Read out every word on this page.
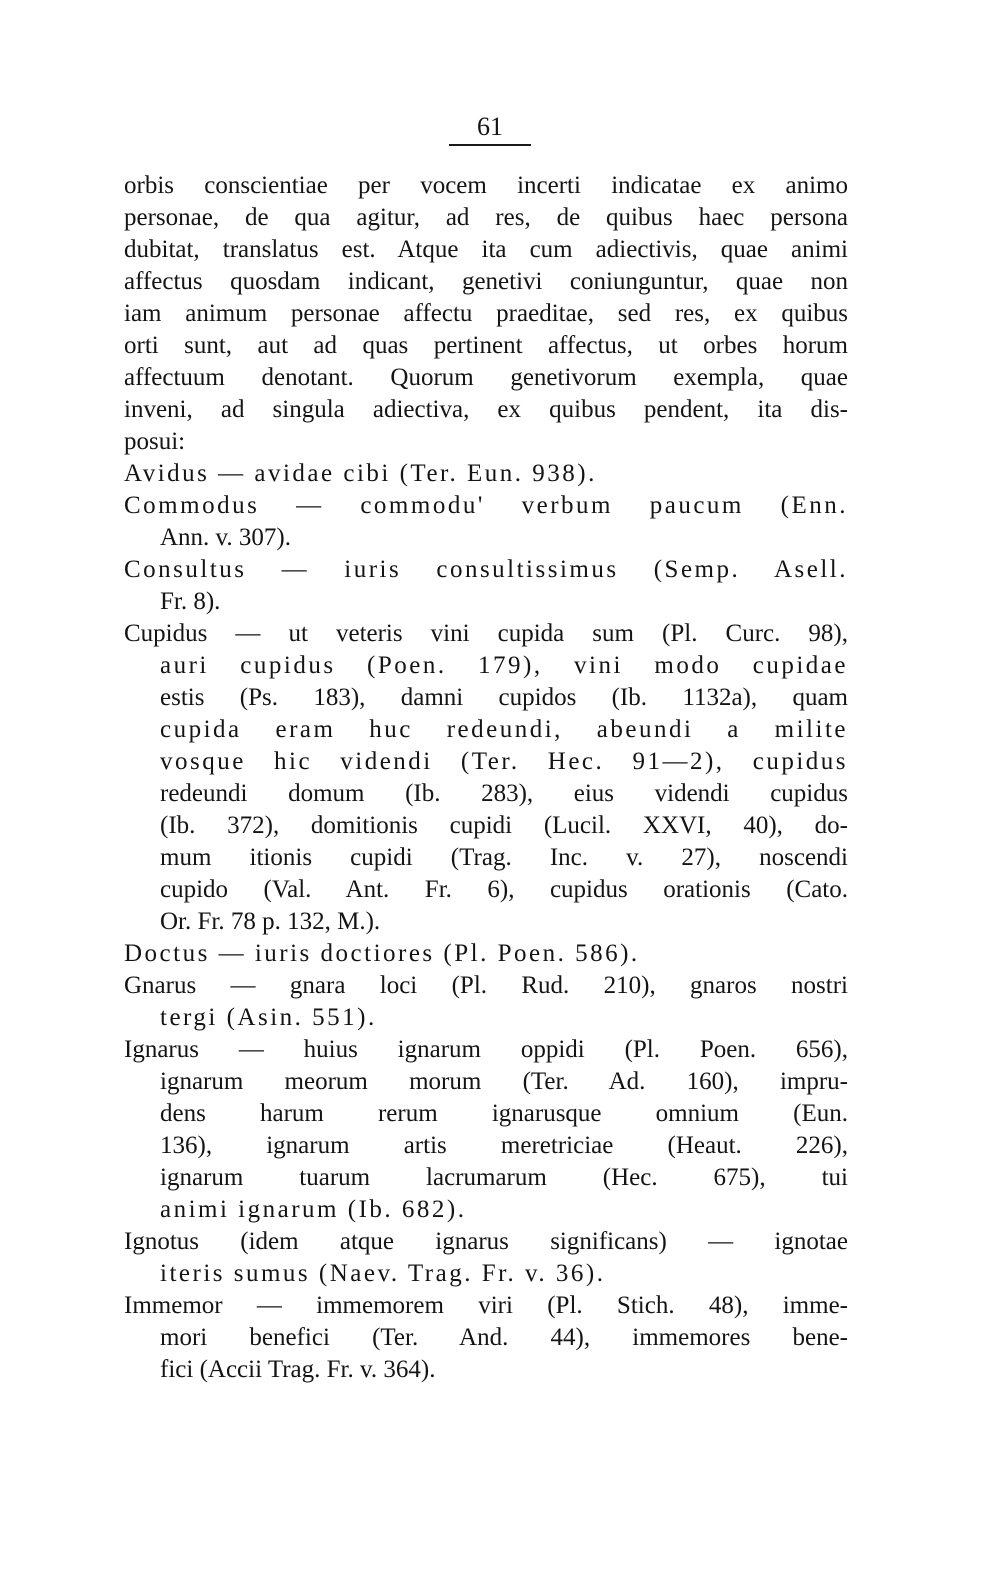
61
orbis conscientiae per vocem incerti indicatae ex animo
personae, de qua agitur, ad res, de quibus haec persona
dubitat, translatus est. Atque ita cum adiectivis, quae animi
affectus quosdam indicant, genetivi coniunguntur, quae non
iam animum personae affectu praeditae, sed res, ex quibus
orti sunt, aut ad quas pertinent affectus, ut orbes horum
affectuum denotant. Quorum genetivorum exempla, quae
inveni, ad singula adiectiva, ex quibus pendent, ita dis-
posui:
Avidus — avidae cibi (Ter. Eun. 938).
Commodus — commodu' verbum paucum (Enn.
Ann. v. 307).
Consultus — iuris consultissimus (Semp. Asell.
Fr. 8).
Cupidus — ut veteris vini cupida sum (Pl. Curc. 98),
auri cupidus (Poen. 179), vini modo cupidae
estis (Ps. 183), damni cupidos (Ib. 1132a), quam
cupida eram huc redeundi, abeundi a milite
vosque hic videndi (Ter. Hec. 91—2), cupidus
redeundi domum (Ib. 283), eius videndi cupidus
(Ib. 372), domitionis cupidi (Lucil. XXVI, 40), do-
mum itionis cupidi (Trag. Inc. v. 27), noscendi
cupido (Val. Ant. Fr. 6), cupidus orationis (Cato.
Or. Fr. 78 p. 132, M.).
Doctus — iuris doctiores (Pl. Poen. 586).
Gnarus — gnara loci (Pl. Rud. 210), gnaros nostri
tergi (Asin. 551).
Ignarus — huius ignarum oppidi (Pl. Poen. 656),
ignarum meorum morum (Ter. Ad. 160), impru-
dens harum rerum ignarusque omnium (Eun.
136), ignarum artis meretriciae (Heaut. 226),
ignarum tuarum lacrumarum (Hec. 675), tui
animi ignarum (Ib. 682).
Ignotus (idem atque ignarus significans) — ignotae
iteris sumus (Naev. Trag. Fr. v. 36).
Immemor — immemorem viri (Pl. Stich. 48), imme-
mori benefici (Ter. And. 44), immemores bene-
fici (Accii Trag. Fr. v. 364).
